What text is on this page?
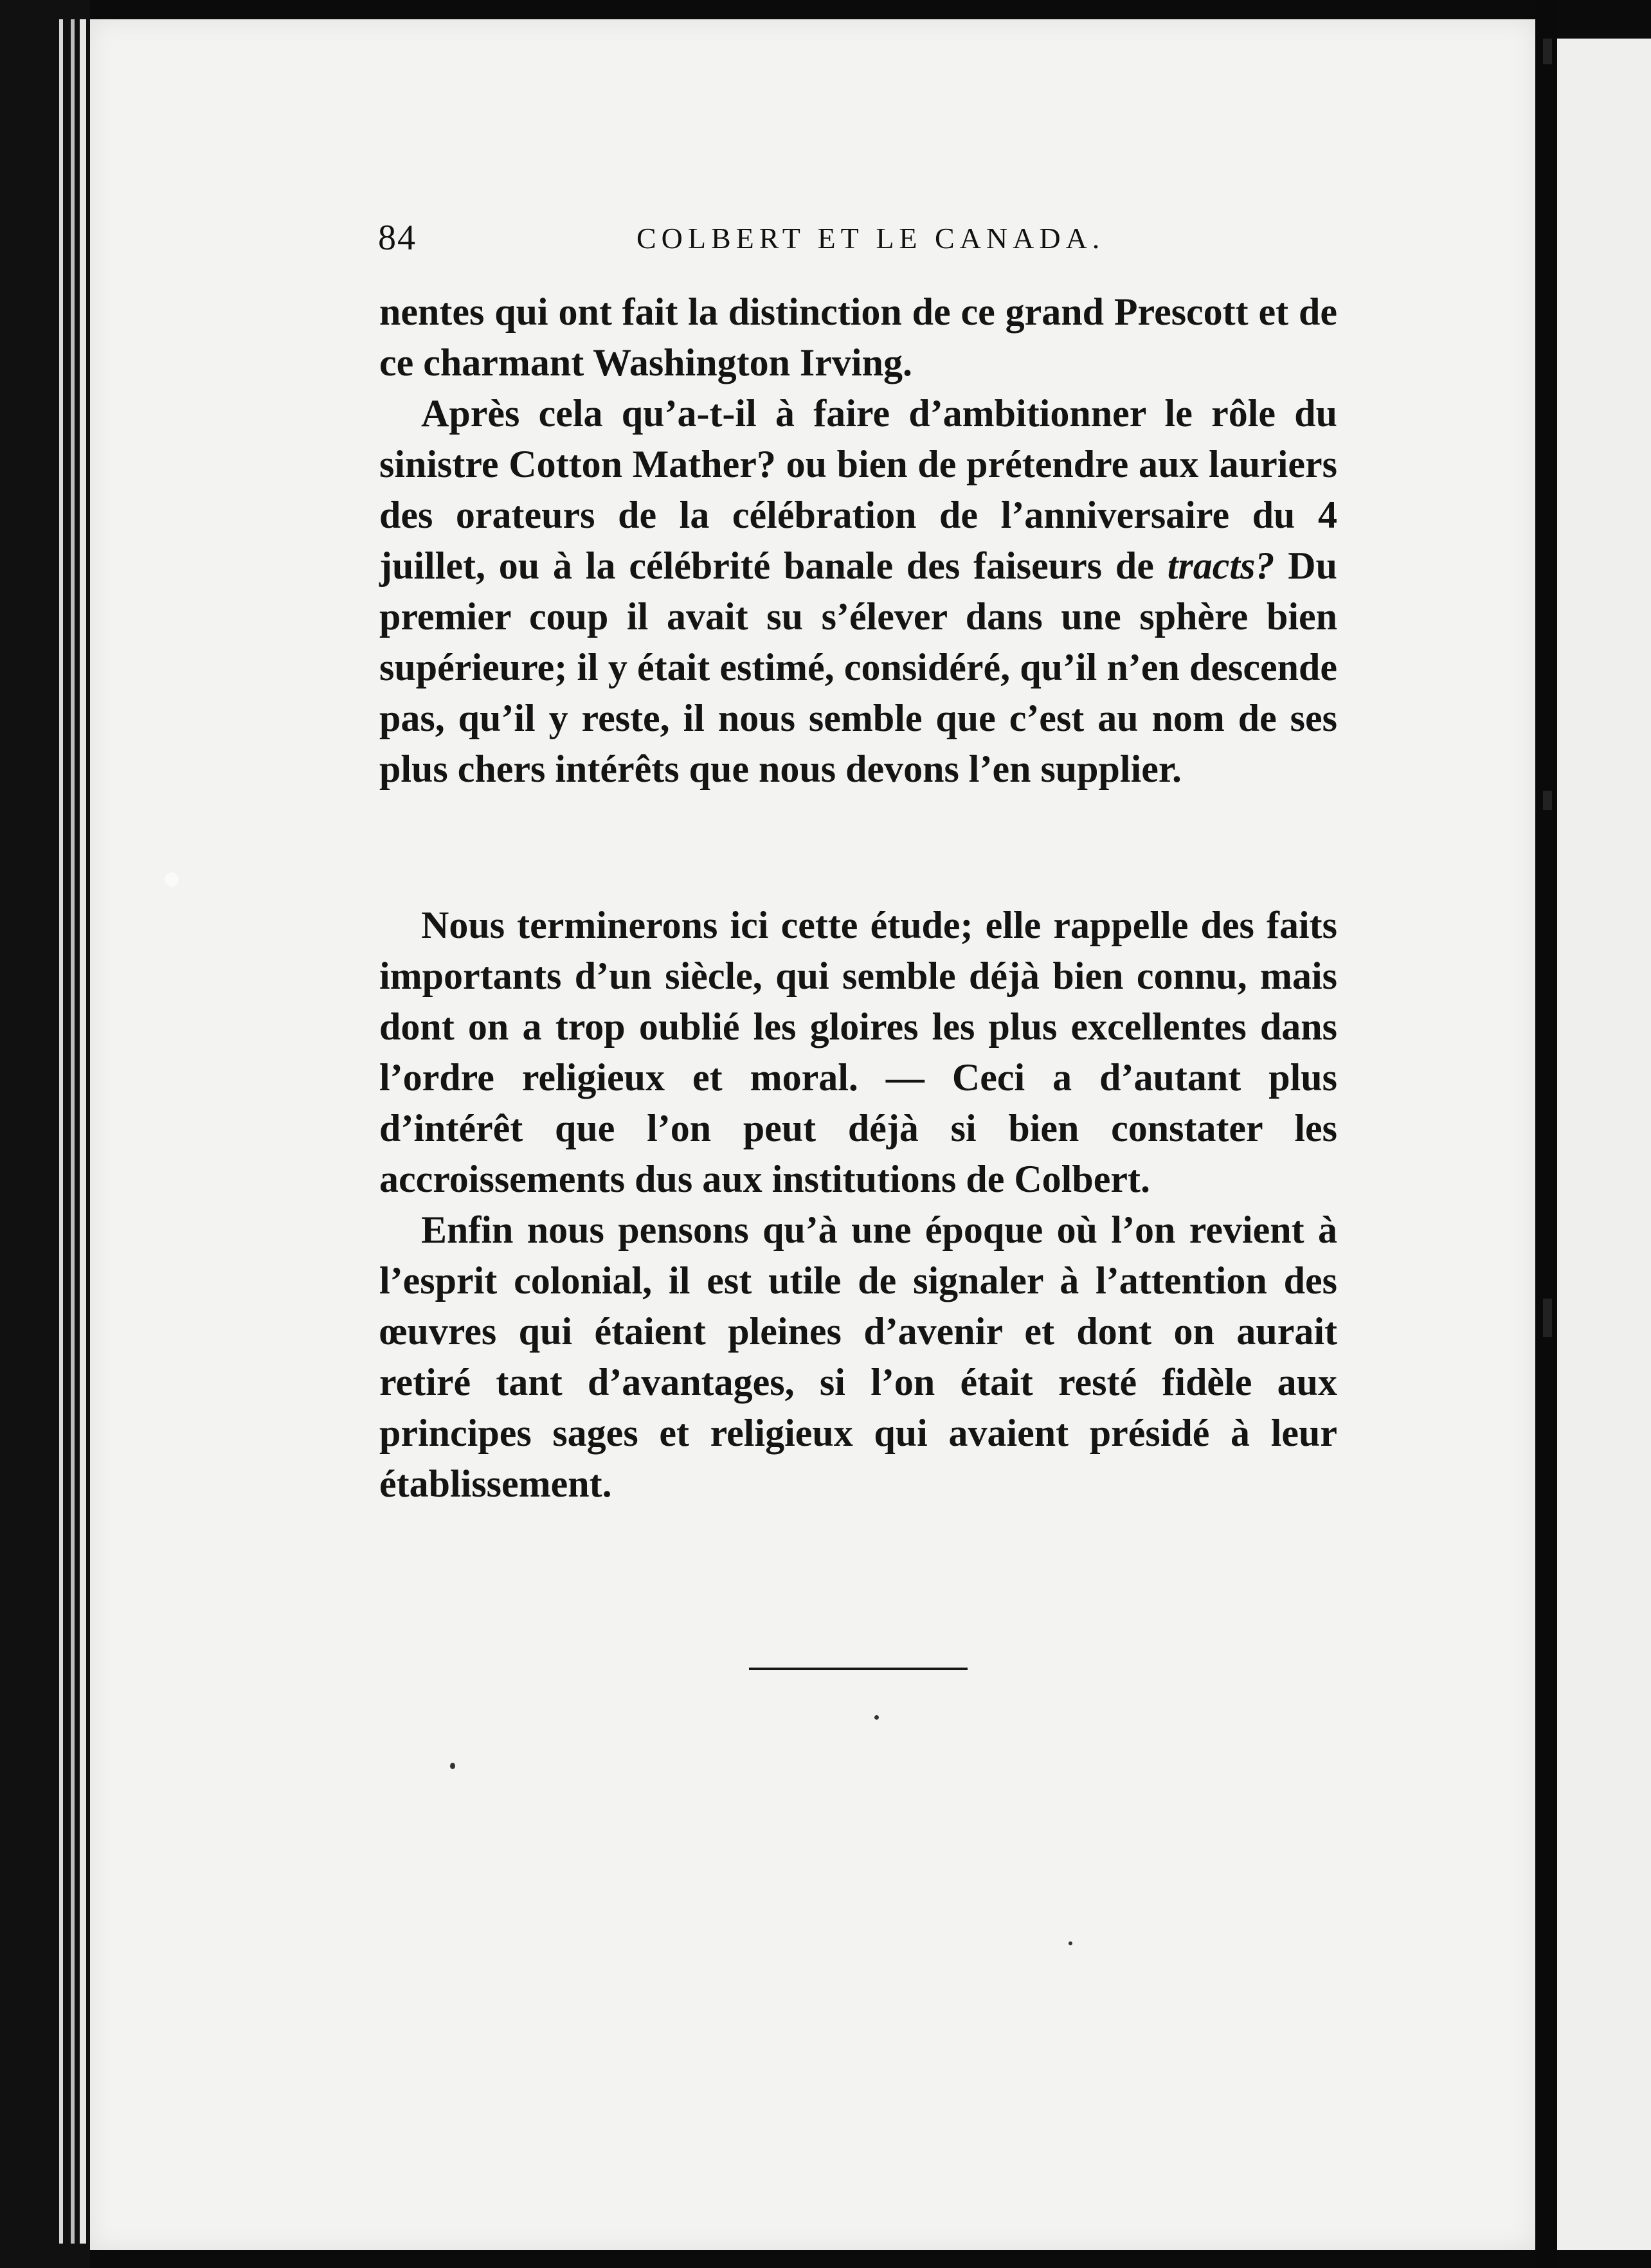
84	COLBERT ET LE CANADA.

nentes qui ont fait la distinction de ce grand Prescott et de ce charmant Washington Irving.

Après cela qu’a-t-il à faire d’ambitionner le rôle du sinistre Cotton Mather? ou bien de prétendre aux lauriers des orateurs de la célébration de l’anniversaire du 4 juillet, ou à la célébrité banale des faiseurs de tracts? Du premier coup il avait su s’élever dans une sphère bien supérieure; il y était estimé, considéré, qu’il n’en descende pas, qu’il y reste, il nous semble que c’est au nom de ses plus chers intérêts que nous devons l’en supplier.

Nous terminerons ici cette étude; elle rappelle des faits importants d’un siècle, qui semble déjà bien connu, mais dont on a trop oublié les gloires les plus excellentes dans l’ordre religieux et moral. — Ceci a d’autant plus d’intérêt que l’on peut déjà si bien constater les accroissements dus aux institutions de Colbert.

Enfin nous pensons qu’à une époque où l’on revient à l’esprit colonial, il est utile de signaler à l’attention des œuvres qui étaient pleines d’avenir et dont on aurait retiré tant d’avantages, si l’on était resté fidèle aux principes sages et religieux qui avaient présidé à leur établissement.
